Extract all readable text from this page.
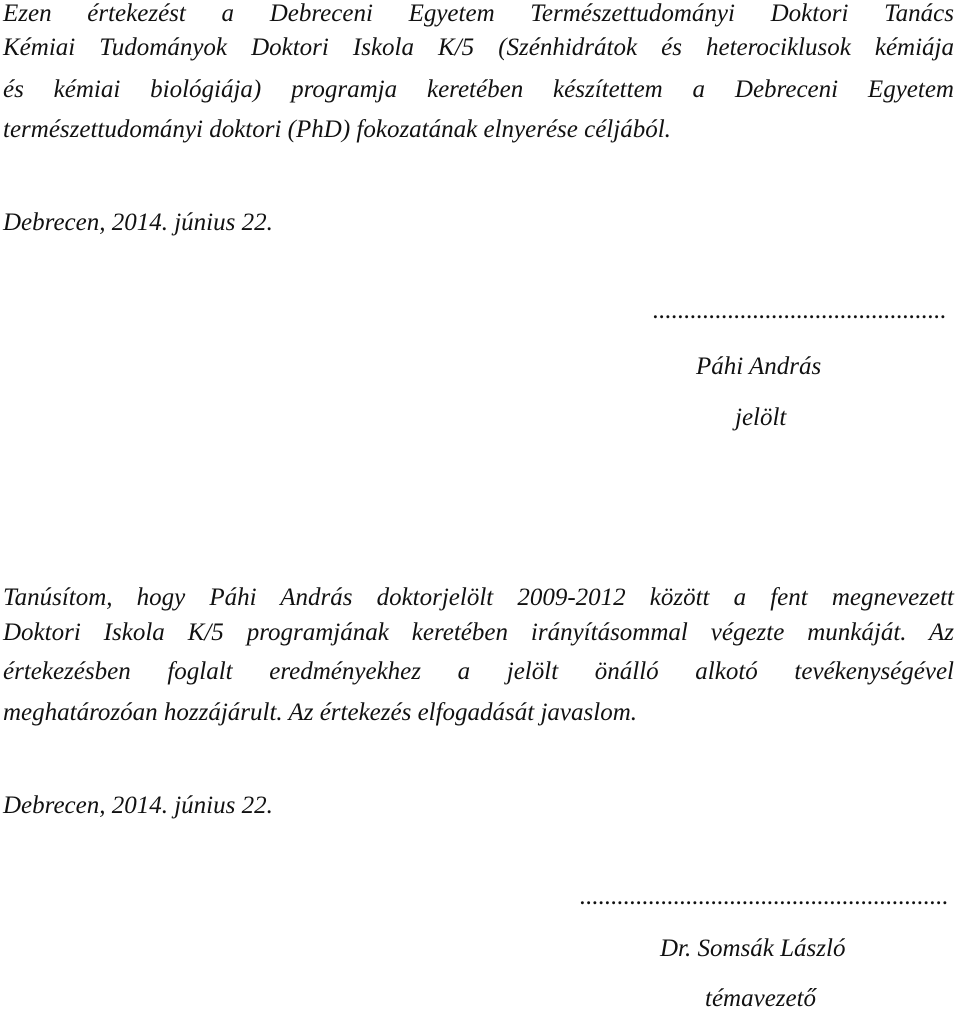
Ezen értekezést a Debreceni Egyetem Természettudományi Doktori Tanács
Kémiai Tudományok Doktori Iskola K/5 (Szénhidrátok és heterociklusok kémiája
és kémiai biológiája) programja keretében készítettem a Debreceni Egyetem
természettudományi doktori (PhD) fokozatának elnyerése céljából.
Debrecen, 2014. június 22.
...............................................
Páhi András
jelölt
Tanúsítom, hogy Páhi András doktorjelölt 2009-2012 között a fent megnevezett
Doktori Iskola K/5 programjának keretében irányításommal végezte munkáját. Az
értekezésben foglalt eredményekhez a jelölt önálló alkotó tevékenységével
meghatározóan hozzájárult. Az értekezés elfogadását javaslom.
Debrecen, 2014. június 22.
...........................................................
Dr. Somsák László
témavezető
